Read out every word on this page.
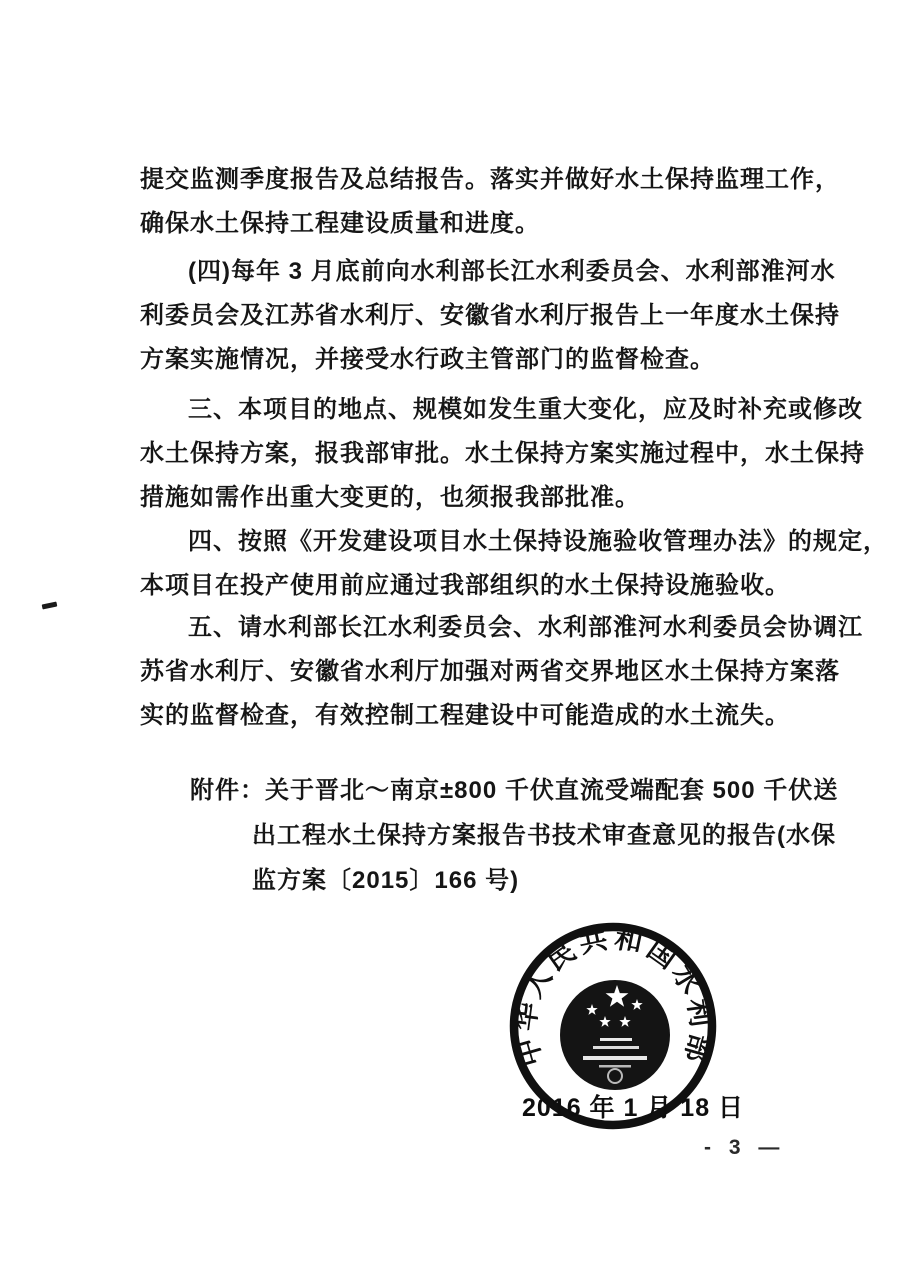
提交监测季度报告及总结报告。落实并做好水土保持监理工作，
确保水土保持工程建设质量和进度。
(四)每年 3 月底前向水利部长江水利委员会、水利部淮河水
利委员会及江苏省水利厅、安徽省水利厅报告上一年度水土保持
方案实施情况，并接受水行政主管部门的监督检查。
三、本项目的地点、规模如发生重大变化，应及时补充或修改
水土保持方案，报我部审批。水土保持方案实施过程中，水土保持
措施如需作出重大变更的，也须报我部批准。
四、按照《开发建设项目水土保持设施验收管理办法》的规定，
本项目在投产使用前应通过我部组织的水土保持设施验收。
五、请水利部长江水利委员会、水利部淮河水利委员会协调江
苏省水利厅、安徽省水利厅加强对两省交界地区水土保持方案落
实的监督检查，有效控制工程建设中可能造成的水土流失。
附件：关于晋北～南京±800 千伏直流受端配套 500 千伏送
出工程水土保持方案报告书技术审查意见的报告(水保
监方案〔2015〕166 号)
中华人民共和国水利部
2016 年 1 月 18 日
- 3 —
